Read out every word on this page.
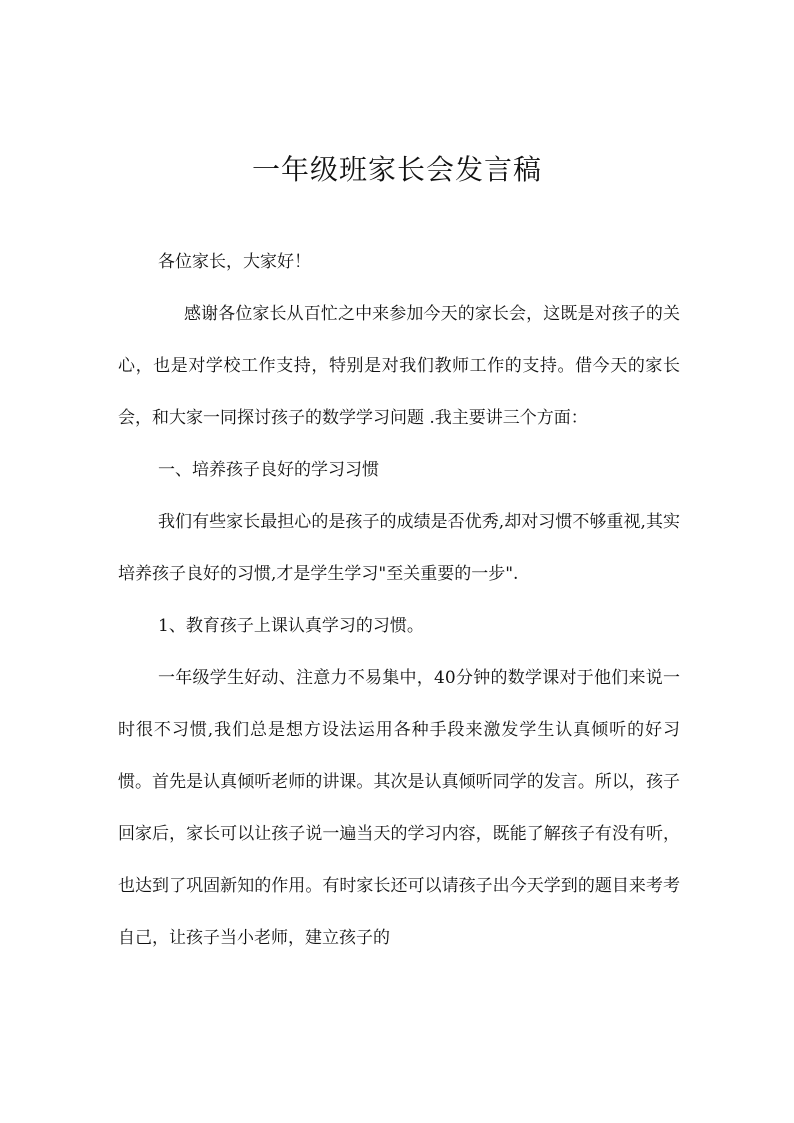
一年级班家长会发言稿

各位家长，大家好！

感谢各位家长从百忙之中来参加今天的家长会，这既是对孩子的关心，也是对学校工作支持，特别是对我们教师工作的支持。借今天的家长会，和大家一同探讨孩子的数学学习问题 .我主要讲三个方面：

一、培养孩子良好的学习习惯

我们有些家长最担心的是孩子的成绩是否优秀,却对习惯不够重视,其实培养孩子良好的习惯,才是学生学习"至关重要的一步".

1、教育孩子上课认真学习的习惯。

一年级学生好动、注意力不易集中，40分钟的数学课对于他们来说一时很不习惯,我们总是想方设法运用各种手段来激发学生认真倾听的好习惯。首先是认真倾听老师的讲课。其次是认真倾听同学的发言。所以，孩子回家后，家长可以让孩子说一遍当天的学习内容，既能了解孩子有没有听，也达到了巩固新知的作用。有时家长还可以请孩子出今天学到的题目来考考自己，让孩子当小老师，建立孩子的
